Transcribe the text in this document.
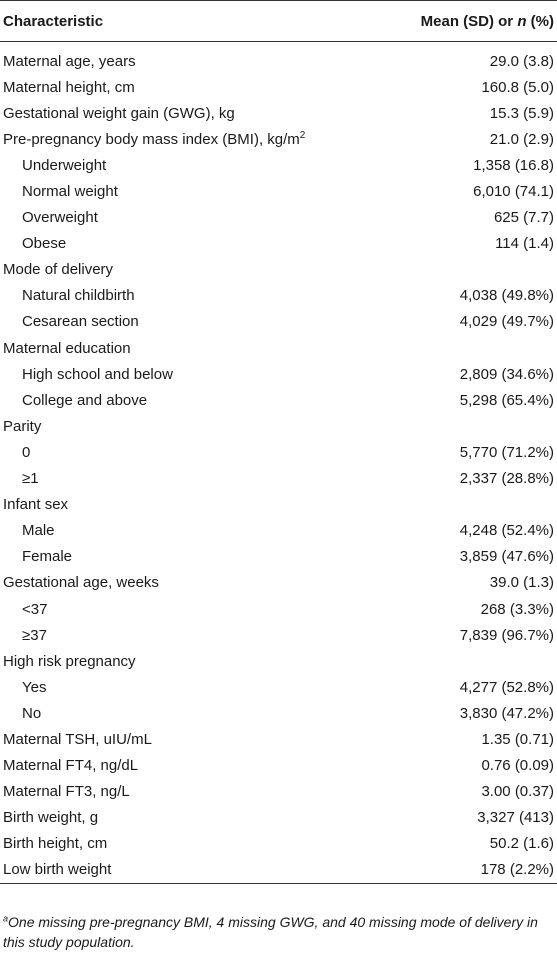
Characteristic	Mean (SD) or n (%)
Maternal age, years	29.0 (3.8)
Maternal height, cm	160.8 (5.0)
Gestational weight gain (GWG), kg	15.3 (5.9)
Pre-pregnancy body mass index (BMI), $kg/m^2$	21.0 (2.9)
Underweight	1,358 (16.8)
Normal weight	6,010 (74.1)
Overweight	625 (7.7)
Obese	114 (1.4)
Mode of delivery	
Natural childbirth	4,038 (49.8%)
Cesarean section	4,029 (49.7%)
Maternal education	
High school and below	2,809 (34.6%)
College and above	5,298 (65.4%)
Parity	
0	5,770 (71.2%)
≥1	2,337 (28.8%)
Infant sex	
Male	4,248 (52.4%)
Female	3,859 (47.6%)
Gestational age, weeks	39.0 (1.3)
<37	268 (3.3%)
≥37	7,839 (96.7%)
High risk pregnancy	
Yes	4,277 (52.8%)
No	3,830 (47.2%)
Maternal TSH, uIU/mL	1.35 (0.71)
Maternal FT4, ng/dL	0.76 (0.09)
Maternal FT3, ng/L	3.00 (0.37)
Birth weight, g	3,327 (413)
Birth height, cm	50.2 (1.6)
Low birth weight	178 (2.2%)
$^a$One missing pre-pregnancy BMI, 4 missing GWG, and 40 missing mode of delivery in this study population.
